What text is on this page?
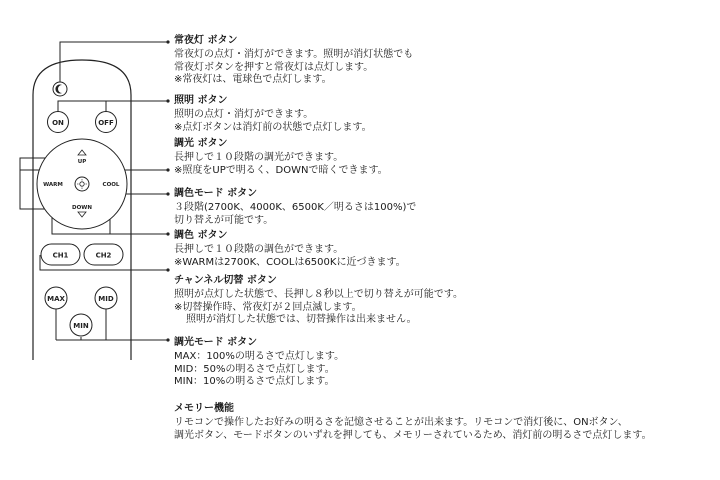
ON	OFF
UP
DOWN
WARM	COOL
CH1	CH2
MAX	MID
MIN
常夜灯 ボタン
常夜灯の点灯・消灯ができます。照明が消灯状態でも
常夜灯ボタンを押すと常夜灯は点灯します。
※常夜灯は、電球色で点灯します。
照明 ボタン
照明の点灯・消灯ができます。
※点灯ボタンは消灯前の状態で点灯します。
調光 ボタン
長押しで１０段階の調光ができます。
※照度をUPで明るく、DOWNで暗くできます。
調色モード ボタン
３段階(2700K、4000K、6500K／明るさは100%)で
切り替えが可能です。
調色 ボタン
長押しで１０段階の調色ができます。
※WARMは2700K、COOLは6500Kに近づきます。
チャンネル切替 ボタン
照明が点灯した状態で、長押し８秒以上で切り替えが可能です。
※切替操作時、常夜灯が２回点滅します。
照明が消灯した状態では、切替操作は出来ません。
調光モード ボタン
MAX：100%の明るさで点灯します。
MID：50%の明るさで点灯します。
MIN：10%の明るさで点灯します。
メモリー機能
リモコンで操作したお好みの明るさを記憶させることが出来ます。リモコンで消灯後に、ONボタン、
調光ボタン、モードボタンのいずれを押しても、メモリーされているため、消灯前の明るさで点灯します。
